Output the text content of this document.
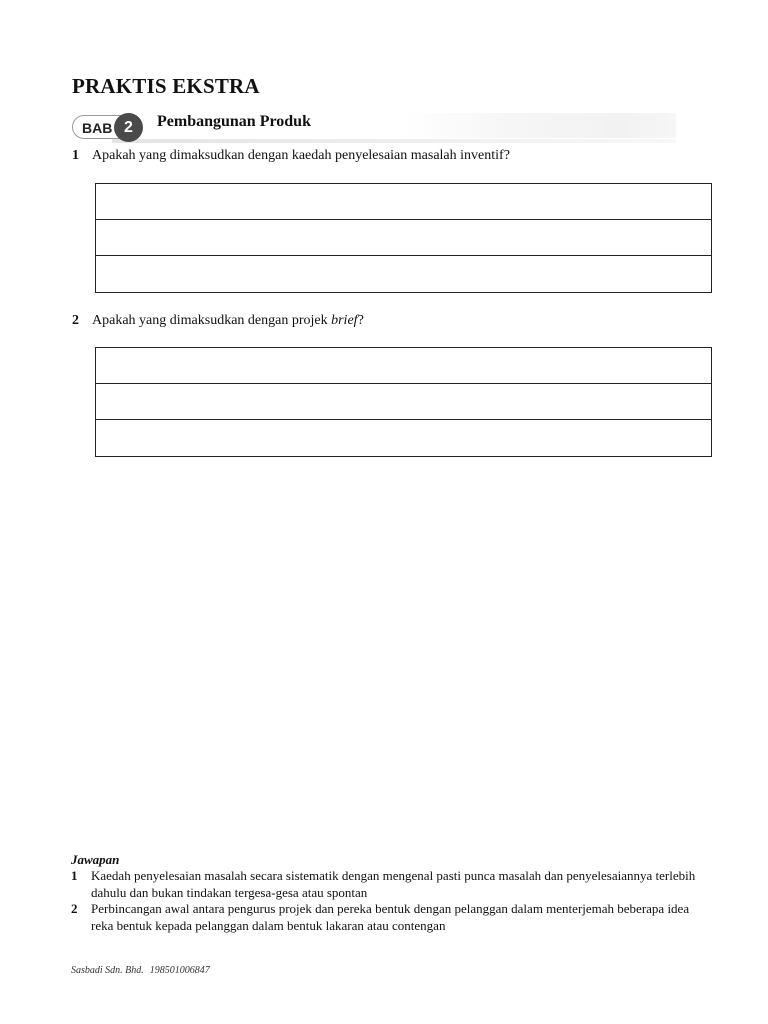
PRAKTIS EKSTRA
BAB 2	Pembangunan Produk
1 Apakah yang dimaksudkan dengan kaedah penyelesaian masalah inventif?
2 Apakah yang dimaksudkan dengan projek brief?
Jawapan
1 Kaedah penyelesaian masalah secara sistematik dengan mengenal pasti punca masalah dan penyelesaiannya terlebih dahulu dan bukan tindakan tergesa-gesa atau spontan
2 Perbincangan awal antara pengurus projek dan pereka bentuk dengan pelanggan dalam menterjemah beberapa idea reka bentuk kepada pelanggan dalam bentuk lakaran atau contengan
Sasbadi Sdn. Bhd. 198501006847
